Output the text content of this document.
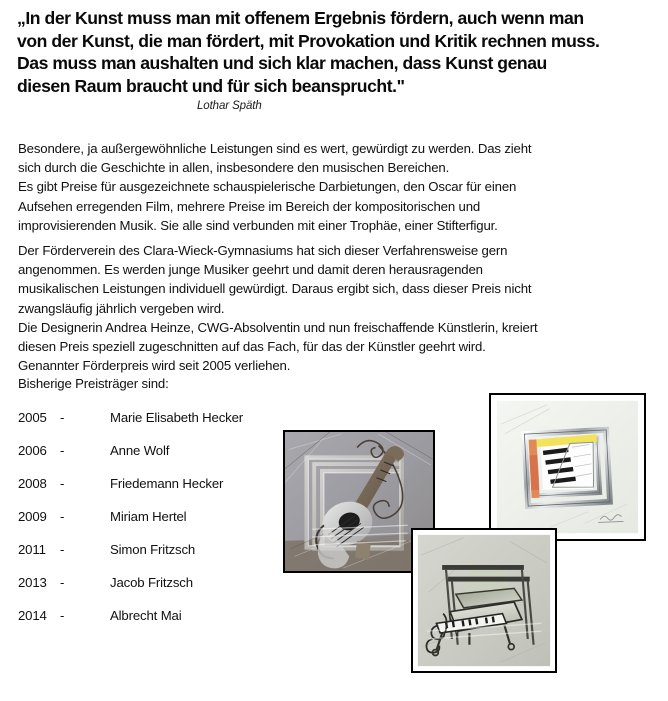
„In der Kunst muss man mit offenem Ergebnis fördern, auch wenn man
von der Kunst, die man fördert, mit Provokation und Kritik rechnen muss.
Das muss man aushalten und sich klar machen, dass Kunst genau
diesen Raum braucht und für sich beansprucht."
Lothar Späth
Besondere, ja außergewöhnliche Leistungen sind es wert, gewürdigt zu werden. Das zieht
sich durch die Geschichte in allen, insbesondere den musischen Bereichen.
Es gibt Preise für ausgezeichnete schauspielerische Darbietungen, den Oscar für einen
Aufsehen erregenden Film, mehrere Preise im Bereich der kompositorischen und
improvisierenden Musik. Sie alle sind verbunden mit einer Trophäe, einer Stifterfigur.
Der Förderverein des Clara-Wieck-Gymnasiums hat sich dieser Verfahrensweise gern
angenommen. Es werden junge Musiker geehrt und damit deren herausragenden
musikalischen Leistungen individuell gewürdigt. Daraus ergibt sich, dass dieser Preis nicht
zwangsläufig jährlich vergeben wird.
Die Designerin Andrea Heinze, CWG-Absolventin und nun freischaffende Künstlerin, kreiert
diesen Preis speziell zugeschnitten auf das Fach, für das der Künstler geehrt wird.
Genannter Förderpreis wird seit 2005 verliehen.
Bisherige Preisträger sind:
2005	-	Marie Elisabeth Hecker
2006	-	Anne Wolf
2008	-	Friedemann Hecker
2009	-	Miriam Hertel
2011	-	Simon Fritzsch
2013	-	Jacob Fritzsch
2014	-	Albrecht Mai
